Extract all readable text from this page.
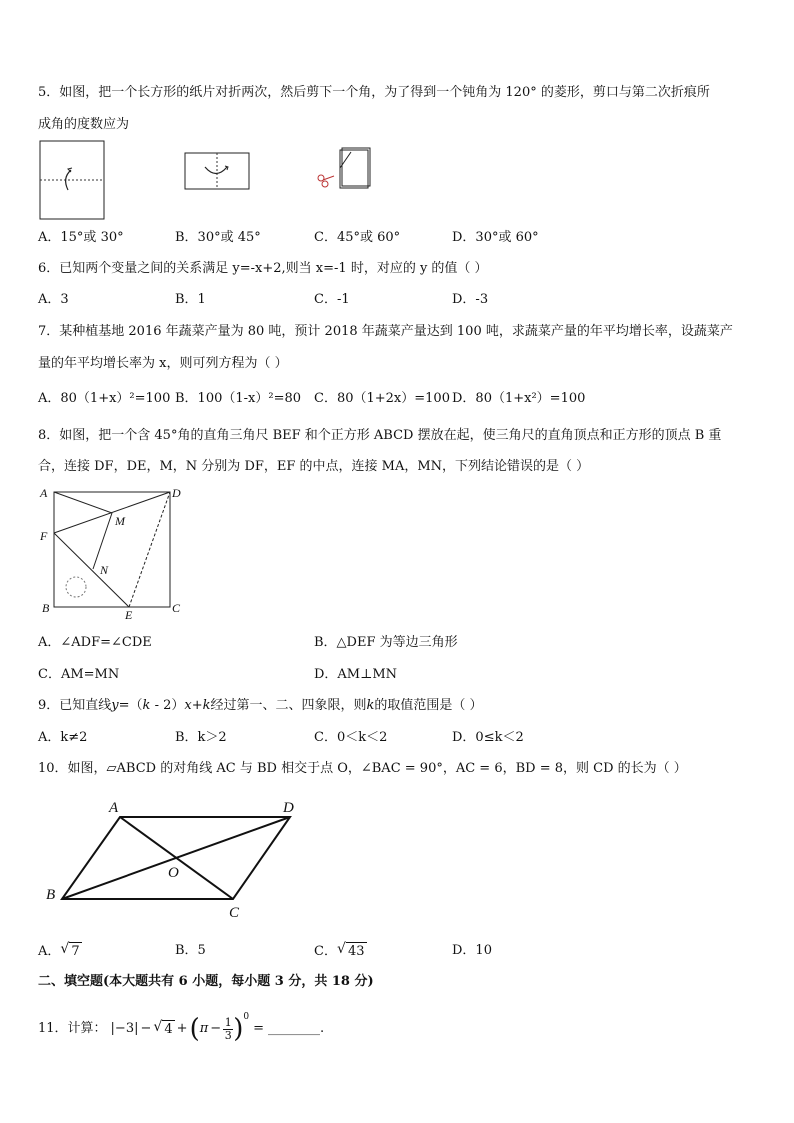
5．如图，把一个长方形的纸片对折两次，然后剪下一个角，为了得到一个钝角为 120° 的菱形，剪口与第二次折痕所
成角的度数应为
A．15°或 30°	B．30°或 45°	C．45°或 60°	D．30°或 60°
6．已知两个变量之间的关系满足 y=-x+2,则当 x=-1 时，对应的 y 的值（ ）
A．3	B．1	C．-1	D．-3
7．某种植基地 2016 年蔬菜产量为 80 吨，预计 2018 年蔬菜产量达到 100 吨，求蔬菜产量的年平均增长率，设蔬菜产
量的年平均增长率为 x，则可列方程为（ ）
A．80（1+x）²=100 B．100（1-x）²=80 C．80（1+2x）=100 D．80（1+x²）=100
8．如图，把一个含 45°角的直角三角尺 BEF 和个正方形 ABCD 摆放在起，使三角尺的直角顶点和正方形的顶点 B 重
合，连接 DF，DE，M，N 分别为 DF，EF 的中点，连接 MA，MN，下列结论错误的是（ ）
A	D
F
M
N
B	E	C
A．∠ADF=∠CDE	B．△DEF 为等边三角形
C．AM=MN	D．AM⊥MN
9．已知直线y=（k - 2）x+k经过第一、二、四象限，则k的取值范围是（ ）
A．k≠2	B．k＞2	C．0＜k＜2	D．0≤k＜2
10．如图，▱ABCD 的对角线 AC 与 BD 相交于点 O，∠BAC = 90°，AC = 6，BD = 8，则 CD 的长为（ ）
A	D
O
B
C
A． √ 7	B．5	C． √ 43	D．10
二、填空题(本大题共有 6 小题，每小题 3 分，共 18 分)
11．计算： |−3| − √ 4 + ( π − 1
3 ) 0
= ________ .
